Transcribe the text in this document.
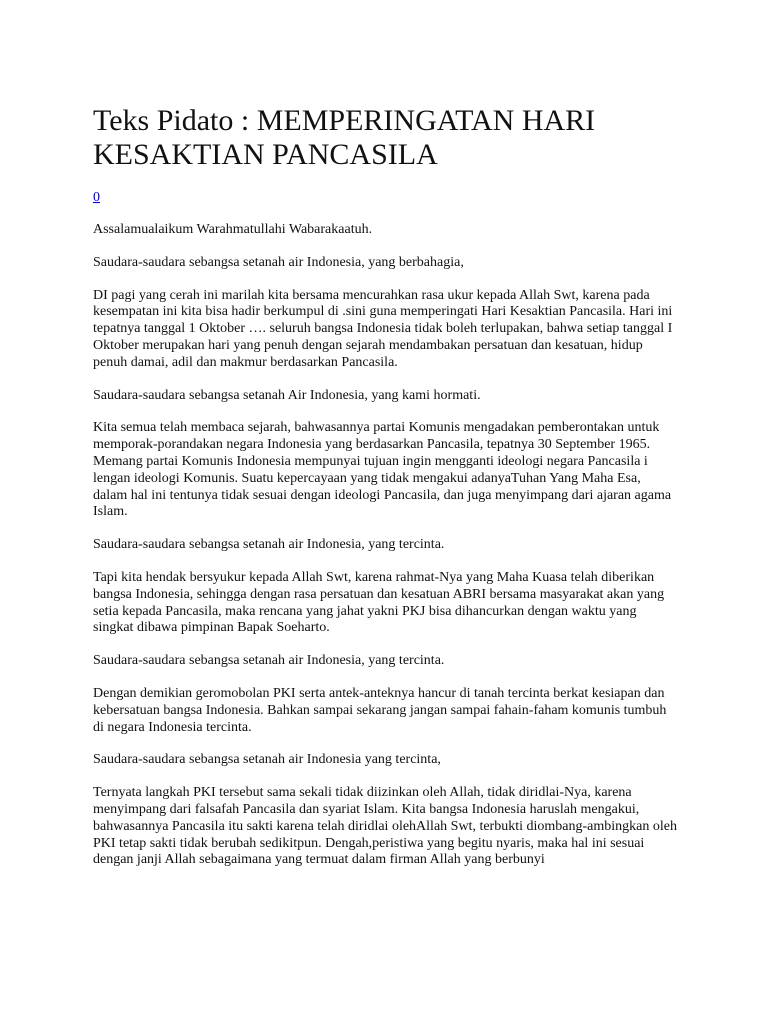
Teks Pidato : MEMPERINGATAN HARI KESAKTIAN PANCASILA
0

Assalamualaikum Warahmatullahi Wabarakaatuh.

Saudara-saudara sebangsa setanah air Indonesia, yang berbahagia,

DI pagi yang cerah ini marilah kita bersama mencurahkan rasa ukur kepada Allah Swt, karena pada kesempatan ini kita bisa hadir berkumpul di .sini guna memperingati Hari Kesaktian Pancasila. Hari ini tepatnya tanggal 1 Oktober …. seluruh bangsa Indonesia tidak boleh terlupakan, bahwa setiap tanggal I Oktober merupakan hari yang penuh dengan sejarah mendambakan persatuan dan kesatuan, hidup penuh damai, adil dan makmur berdasarkan Pancasila.

Saudara-saudara sebangsa setanah Air Indonesia, yang kami hormati.

Kita semua telah membaca sejarah, bahwasannya partai Komunis mengadakan pemberontakan untuk memporak-porandakan negara Indonesia yang berdasarkan Pancasila, tepatnya 30 September 1965. Memang partai Komunis Indonesia mempunyai tujuan ingin mengganti ideologi negara Pancasila i lengan ideologi Komunis. Suatu kepercayaan yang tidak mengakui adanyaTuhan Yang Maha Esa, dalam hal ini tentunya tidak sesuai dengan ideologi Pancasila, dan juga menyimpang dari ajaran agama Islam.

Saudara-saudara sebangsa setanah air Indonesia, yang tercinta.

Tapi kita hendak bersyukur kepada Allah Swt, karena rahmat-Nya yang Maha Kuasa telah diberikan bangsa Indonesia, sehingga dengan rasa persatuan dan kesatuan ABRI bersama masyarakat akan yang setia kepada Pancasila, maka rencana yang jahat yakni PKJ bisa dihancurkan dengan waktu yang singkat dibawa pimpinan Bapak Soeharto.

Saudara-saudara sebangsa setanah air Indonesia, yang tercinta.

Dengan demikian geromobolan PKI serta antek-anteknya hancur di tanah tercinta berkat kesiapan dan kebersatuan bangsa Indonesia. Bahkan sampai sekarang jangan sampai fahain-faham komunis tumbuh di negara Indonesia tercinta.

Saudara-saudara sebangsa setanah air Indonesia yang tercinta,

Ternyata langkah PKI tersebut sama sekali tidak diizinkan oleh Allah, tidak diridlai-Nya, karena menyimpang dari falsafah Pancasila dan syariat Islam. Kita bangsa Indonesia haruslah mengakui, bahwasannya Pancasila itu sakti karena telah diridlai olehAllah Swt, terbukti diombang-ambingkan oleh PKI tetap sakti tidak berubah sedikitpun. Dengah,peristiwa yang begitu nyaris, maka hal ini sesuai dengan janji Allah sebagaimana yang termuat dalam firman Allah yang berbunyi
